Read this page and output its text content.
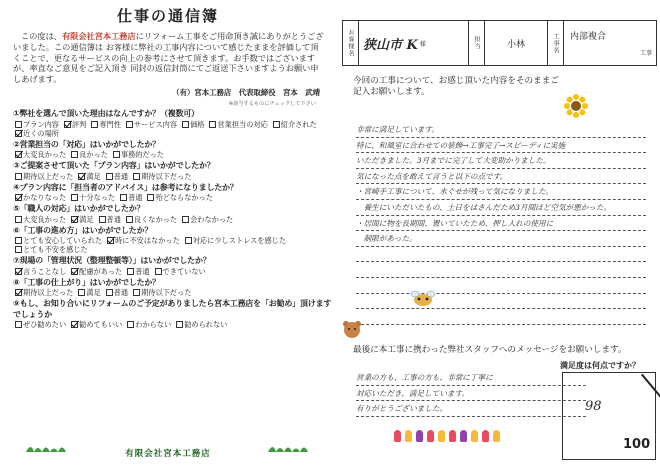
仕事の通信簿
この度は、有限会社宮本工務店にリフォーム工事をご用命頂き誠にありがとうございました。この通信簿は お客様に弊社の工事内容について感じたままを評価して頂くことで、更なるサービスの向上の参考にさせて頂きます。お手数ではございますが、率直なご意見をご記入頂き 同封の返信封筒にてご返送下さいますようお願い申しあげます。
（有）宮本工務店　代表取締役　宮本　武靖
※該当するものにチェックして下さい
①弊社を選んで頂いた理由はなんですか？（複数可）
プラン内容 評判 専門性 サービス内容 価格 営業担当の対応 紹介された
近くの場所
②営業担当の「対応」はいかがでしたか？
大変良かった 良かった 事務的だった
③ご提案させて頂いた「プラン内容」はいかがでしたか？
期待以上だった 満足 普通 期待以下だった
④プラン内容に「担当者のアドバイス」は参考になりましたか？
かなりなった 十分なった 普通 殆どならなかった
⑤「職人の対応」はいかがでしたか？
大変良かった 満足 普通 良くなかった 会わなかった
⑥「工事の進め方」はいかがでしたか？
とても安心していられた 時に不安はなかった 対応に少しストレスを感じた
とても不安を感じた
⑦現場の「管理状況（整理整頓等）」はいかがでしたか？
言うことなし 配慮があった 普通 できていない
⑧「工事の仕上がり」はいかがでしたか？
期待以上だった 満足 普通 期待以下だった
⑨もし、お知り合いにリフォームのご予定がありましたら宮本工務店を「お勧め」頂けますでしょうか
ぜひ勧めたい 勧めてもいい わからない 勧められない
有限会社宮本工務店
お客様名 狭山市 K 様	担当	小林	工事名 内部複合
工事
今回の工事について、お感じ頂いた内容をそのままご記入お願いします。
非常に満足しています。
特に、和風室に合わせての装飾→工事完了→スピーディに実施
いただきました。3月までに完了して大変助かりました。
気になった点を敢えて言うと以下の点です。
・宮崎手工事について、水ぐせが残って気になりました。
　養生にいただいたもの、土日をはさんだため3月間ほど空気が悪かった。
・居間に物を長期間、置いていたため、押し入れの使用に
　制限があった。
最後に本工事に携わった弊社スタッフへのメッセージをお願いします。
営業の方も、工事の方も、非常に丁寧に
対応いただき、満足しています。
有りがとうございました。
満足度は何点ですか？
98
100
